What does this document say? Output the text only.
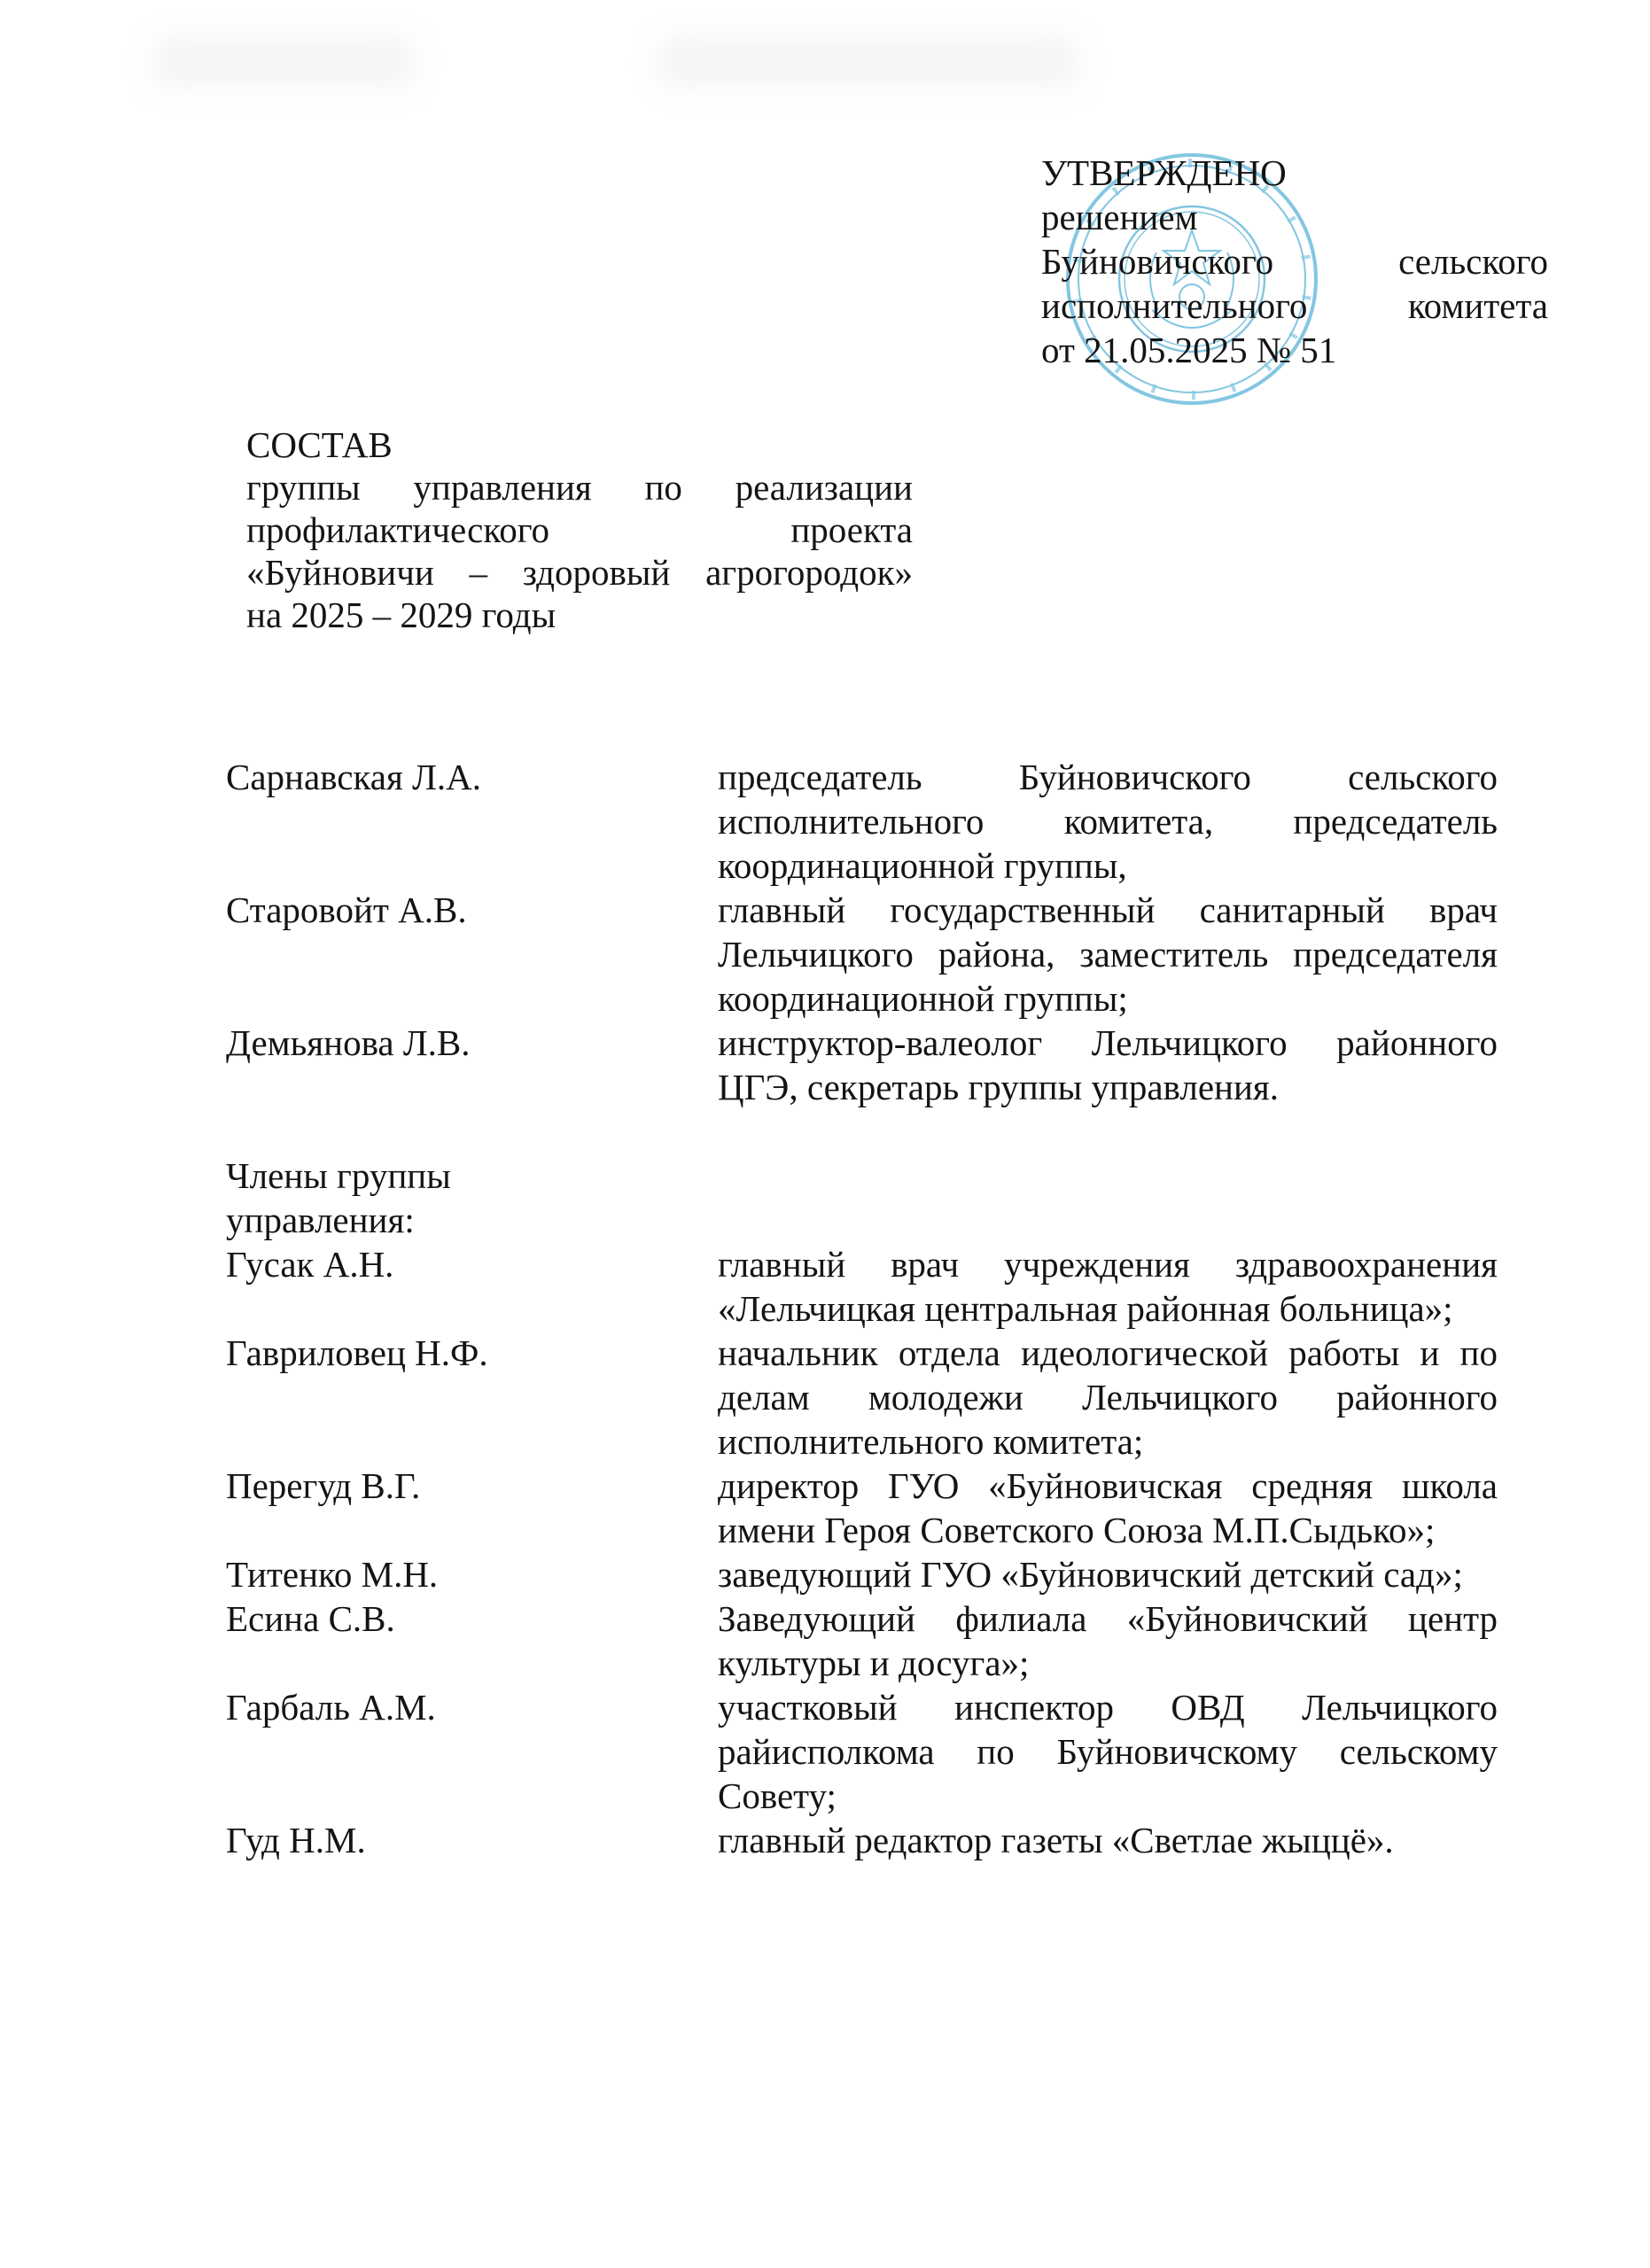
УТВЕРЖДЕНО
решением
Буйновичского сельского
исполнительного комитета
от 21.05.2025 № 51
СОСТАВ
группы управления по реализации
профилактического проекта
«Буйновичи – здоровый агрогородок»
на 2025 – 2029 годы
Сарнавская Л.А.	председатель Буйновичского сельского исполнительного комитета, председатель координационной группы,
Старовойт А.В.	главный государственный санитарный врач Лельчицкого района, заместитель председателя координационной группы;
Демьянова Л.В.	инструктор-валеолог Лельчицкого районного ЦГЭ, секретарь группы управления.
Члены группы управления:
Гусак А.Н.	главный врач учреждения здравоохранения «Лельчицкая центральная районная больница»;
Гавриловец Н.Ф.	начальник отдела идеологической работы и по делам молодежи Лельчицкого районного исполнительного комитета;
Перегуд В.Г.	директор ГУО «Буйновичская средняя школа имени Героя Советского Союза М.П.Сыдько»;
Титенко М.Н.	заведующий ГУО «Буйновичский детский сад»;
Есина С.В.	Заведующий филиала «Буйновичский центр культуры и досуга»;
Гарбаль А.М.	участковый инспектор ОВД Лельчицкого райисполкома по Буйновичскому сельскому Совету;
Гуд Н.М.	главный редактор газеты «Светлае жыццё».
